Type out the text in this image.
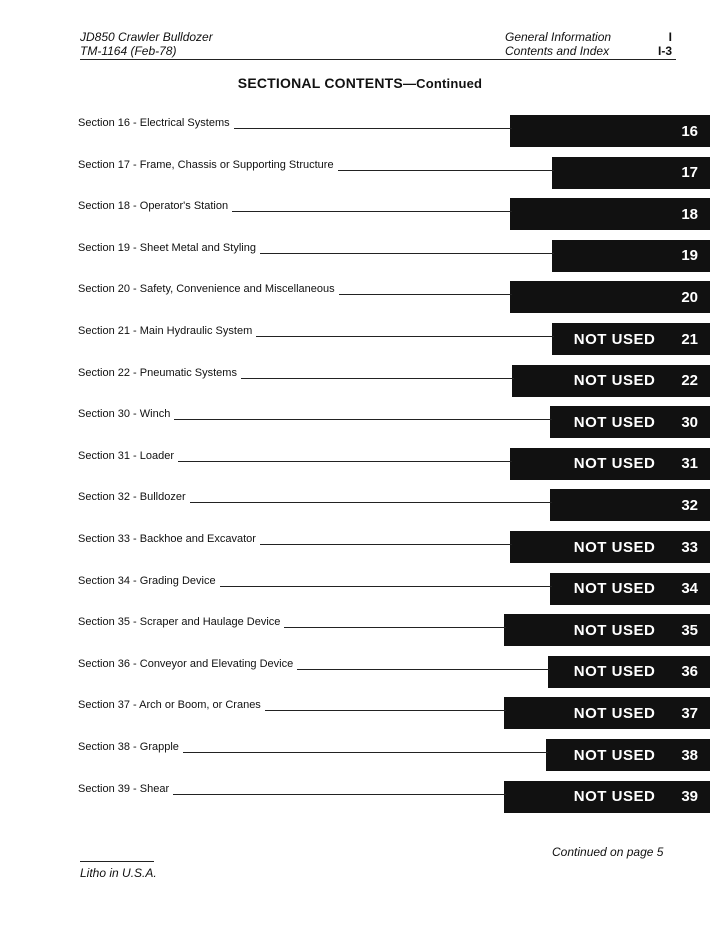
JD850 Crawler Bulldozer
TM-1164 (Feb-78)
General Information
Contents and Index
I
I-3
SECTIONAL CONTENTS—Continued
Section 16 - Electrical Systems	16
Section 17 - Frame, Chassis or Supporting Structure	17
Section 18 - Operator's Station	18
Section 19 - Sheet Metal and Styling	19
Section 20 - Safety, Convenience and Miscellaneous	20
Section 21 - Main Hydraulic System	NOT USED 21
Section 22 - Pneumatic Systems	NOT USED 22
Section 30 - Winch	NOT USED 30
Section 31 - Loader	NOT USED 31
Section 32 - Bulldozer	32
Section 33 - Backhoe and Excavator	NOT USED 33
Section 34 - Grading Device	NOT USED 34
Section 35 - Scraper and Haulage Device	NOT USED 35
Section 36 - Conveyor and Elevating Device	NOT USED 36
Section 37 - Arch or Boom, or Cranes	NOT USED 37
Section 38 - Grapple	NOT USED 38
Section 39 - Shear	NOT USED 39
Continued on page 5
Litho in U.S.A.
